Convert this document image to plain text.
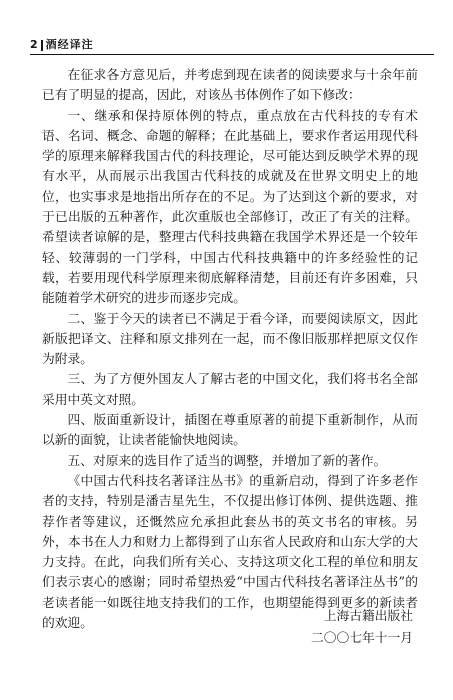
2 酒经译注

在征求各方意见后，并考虑到现在读者的阅读要求与十余年前已有了明显的提高，因此，对该丛书体例作了如下修改：

一、继承和保持原体例的特点，重点放在古代科技的专有术语、名词、概念、命题的解释；在此基础上，要求作者运用现代科学的原理来解释我国古代的科技理论，尽可能达到反映学术界的现有水平，从而展示出我国古代科技的成就及在世界文明史上的地位，也实事求是地指出所存在的不足。为了达到这个新的要求，对于已出版的五种著作，此次重版也全部修订，改正了有关的注释。希望读者谅解的是，整理古代科技典籍在我国学术界还是一个较年轻、较薄弱的一门学科，中国古代科技典籍中的许多经验性的记载，若要用现代科学原理来彻底解释清楚，目前还有许多困难，只能随着学术研究的进步而逐步完成。

二、鉴于今天的读者已不满足于看今译，而要阅读原文，因此新版把译文、注释和原文排列在一起，而不像旧版那样把原文仅作为附录。

三、为了方便外国友人了解古老的中国文化，我们将书名全部采用中英文对照。

四、版面重新设计，插图在尊重原著的前提下重新制作，从而以新的面貌，让读者能愉快地阅读。

五、对原来的选目作了适当的调整，并增加了新的著作。

《中国古代科技名著译注丛书》的重新启动，得到了许多老作者的支持，特别是潘吉星先生，不仅提出修订体例、提供选题、推荐作者等建议，还慨然应允承担此套丛书的英文书名的审核。另外，本书在人力和财力上都得到了山东省人民政府和山东大学的大力支持。在此，向我们所有关心、支持这项文化工程的单位和朋友们表示衷心的感谢；同时希望热爱“中国古代科技名著译注丛书”的老读者能一如既往地支持我们的工作，也期望能得到更多的新读者的欢迎。	上海古籍出版社
二〇〇七年十一月
